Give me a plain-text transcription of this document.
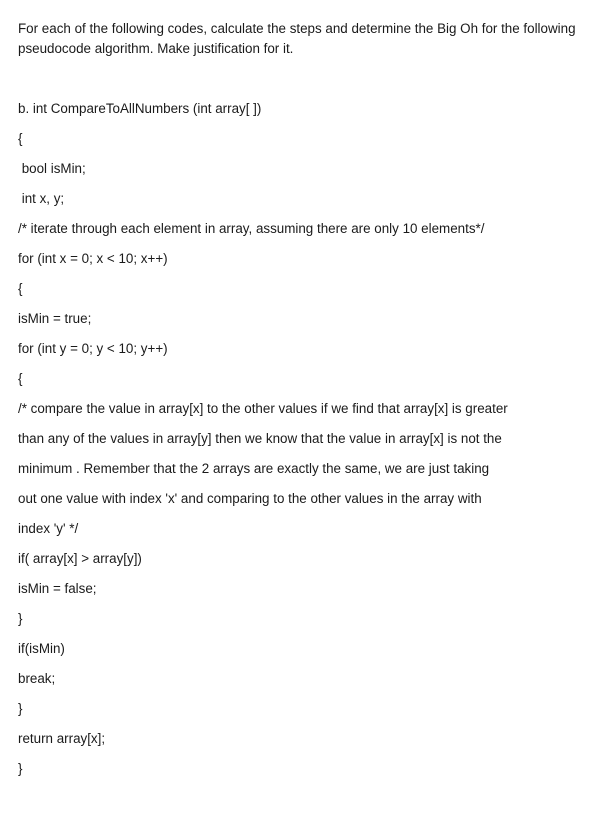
For each of the following codes, calculate the steps and determine the Big Oh for the following pseudocode algorithm. Make justification for it.

b. int CompareToAllNumbers (int array[ ])
{
bool isMin;
int x, y;
/* iterate through each element in array, assuming there are only 10 elements*/
for (int x = 0; x < 10; x++)
{
isMin = true;
for (int y = 0; y < 10; y++)
{
/* compare the value in array[x] to the other values if we find that array[x] is greater
than any of the values in array[y] then we know that the value in array[x] is not the
minimum . Remember that the 2 arrays are exactly the same, we are just taking
out one value with index 'x' and comparing to the other values in the array with
index 'y' */
if( array[x] > array[y])
isMin = false;
}
if(isMin)
break;
}
return array[x];
}
